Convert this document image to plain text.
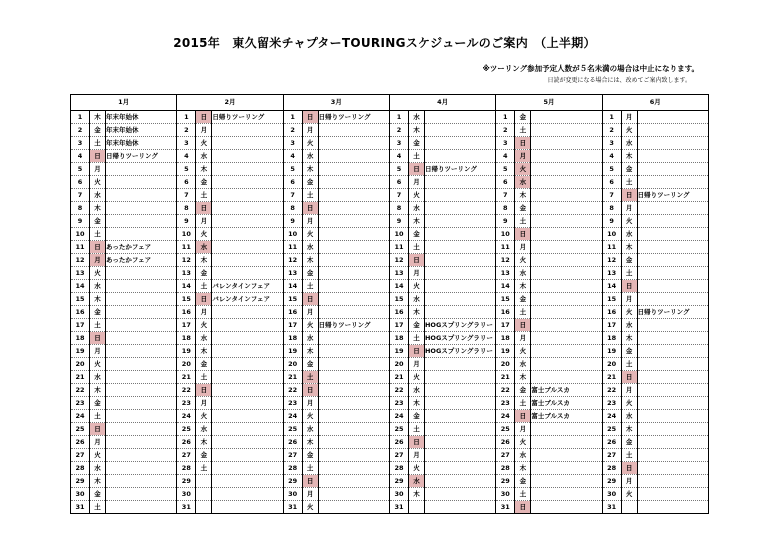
2015年　東久留米チャプターTOURINGスケジュールのご案内　（上半期）
※ツーリング参加予定人数が５名未満の場合は中止になります。
日読が変更になる場合には、改めてご案内致します。
1月			2月			3月			4月			5月			6月		
1	木	年末年始休	1	日	日帰りツーリング	1	日	日帰りツーリング	1	水		1	金		1	月	
2	金	年末年始休	2	月		2	月		2	木		2	土		2	火	
3	土	年末年始休	3	火		3	火		3	金		3	日		3	水	
4	日	日帰りツーリング	4	水		4	水		4	土		4	月		4	木	
5	月		5	木		5	木		5	日	日帰りツーリング	5	火		5	金	
6	火		6	金		6	金		6	月		6	水		6	土	
7	水		7	土		7	土		7	火		7	木		7	日	日帰りツーリング
8	木		8	日		8	日		8	水		8	金		8	月	
9	金		9	月		9	月		9	木		9	土		9	火	
10	土		10	火		10	火		10	金		10	日		10	水	
11	日	あったかフェア	11	水		11	水		11	土		11	月		11	木	
12	月	あったかフェア	12	木		12	木		12	日		12	火		12	金	
13	火		13	金		13	金		13	月		13	水		13	土	
14	水		14	土	バレンタインフェア	14	土		14	火		14	木		14	日	
15	木		15	日	バレンタインフェア	15	日		15	水		15	金		15	月	
16	金		16	月		16	月		16	木		16	土		16	火	日帰りツーリング
17	土		17	火		17	火	日帰りツーリング	17	金	HOGスプリングラリー	17	日		17	水	
18	日		18	水		18	水		18	土	HOGスプリングラリー	18	月		18	木	
19	月		19	木		19	木		19	日	HOGスプリングラリー	19	火		19	金	
20	火		20	金		20	金		20	月		20	水		20	土	
21	水		21	土		21	土		21	火		21	木		21	日	
22	木		22	日		22	日		22	水		22	金	富士ブルスカ	22	月	
23	金		23	月		23	月		23	木		23	土	富士ブルスカ	23	火	
24	土		24	火		24	火		24	金		24	日	富士ブルスカ	24	水	
25	日		25	水		25	水		25	土		25	月		25	木	
26	月		26	木		26	木		26	日		26	火		26	金	
27	火		27	金		27	金		27	月		27	水		27	土	
28	水		28	土		28	土		28	火		28	木		28	日	
29	木		29			29	日		29	水		29	金		29	月	
30	金		30			30	月		30	木		30	土		30	火	
31	土		31			31	火		31			31	日		31		
